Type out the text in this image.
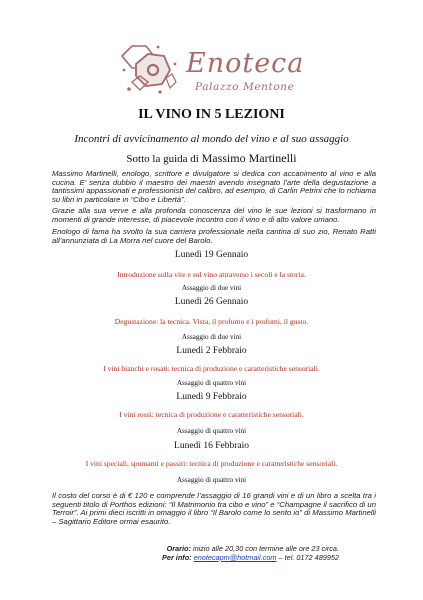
Enoteca
Palazzo Mentone

IL VINO IN 5 LEZIONI

Incontri di avvicinamento al mondo del vino e al suo assaggio

Sotto la guida di Massimo Martinelli

Massimo Martinelli, enologo, scrittore e divulgatore si dedica con accanimento al vino e alla cucina. E’ senza dubbio il maestro dei maestri avendo insegnato l’arte della degustazione a tantissimi appassionati e professionisti del calibro, ad esempio, di Carlin Petrini che lo richiama su libri in particolare in “Cibo e Libertà”.

Grazie alla sua verve e alla profonda conoscenza del vino le sue lezioni si trasformano in momenti di grande interesse, di piacevole incontro con il vino e di alto valore umano.

Enologo di fama ha svolto la sua carriera professionale nella cantina di suo zio, Renato Ratti all’annunziata di La Morra nel cuore del Barolo.

Lunedì 19 Gennaio

Introduzione sulla vite e sul vino attraverso i secoli e la storia.

Assaggio di due vini

Lunedì 26 Gennaio

Degustazione: la tecnica. Vista, il profumo e i profumi, il gusto.

Assaggio di due vini

Lunedì 2 Febbraio

I vini bianchi e rosati: tecnica di produzione e caratteristiche sensoriali.

Assaggio di quattro vini

Lunedì 9 Febbraio

I vini rossi: tecnica di produzione e caratteristiche sensoriali.

Assaggio di quattro vini

Lunedì 16 Febbraio

I vini speciali, spumanti e passiti: tecnica di produzione e caratteristiche sensoriali.

Assaggio di quattro vini

Il costo del corso è di € 120 e comprende l’assaggio di 16 grandi vini e di un libro a scelta tra i seguenti titolo di Porthos edizioni: “Il Matrimonio tra cibo e vino” e “Champagne il sacrifico di un Terroir”. Ai primi dieci iscritti in omaggio il libro “Il Barolo come lo sento io” di Massimo Martinelli – Sagittario Editore ormai esaurito.

Orario: inizio alle 20,30 con termine alle ore 23 circa.
Per info: enotecapm@hotmail.com – tel. 0172 489952
